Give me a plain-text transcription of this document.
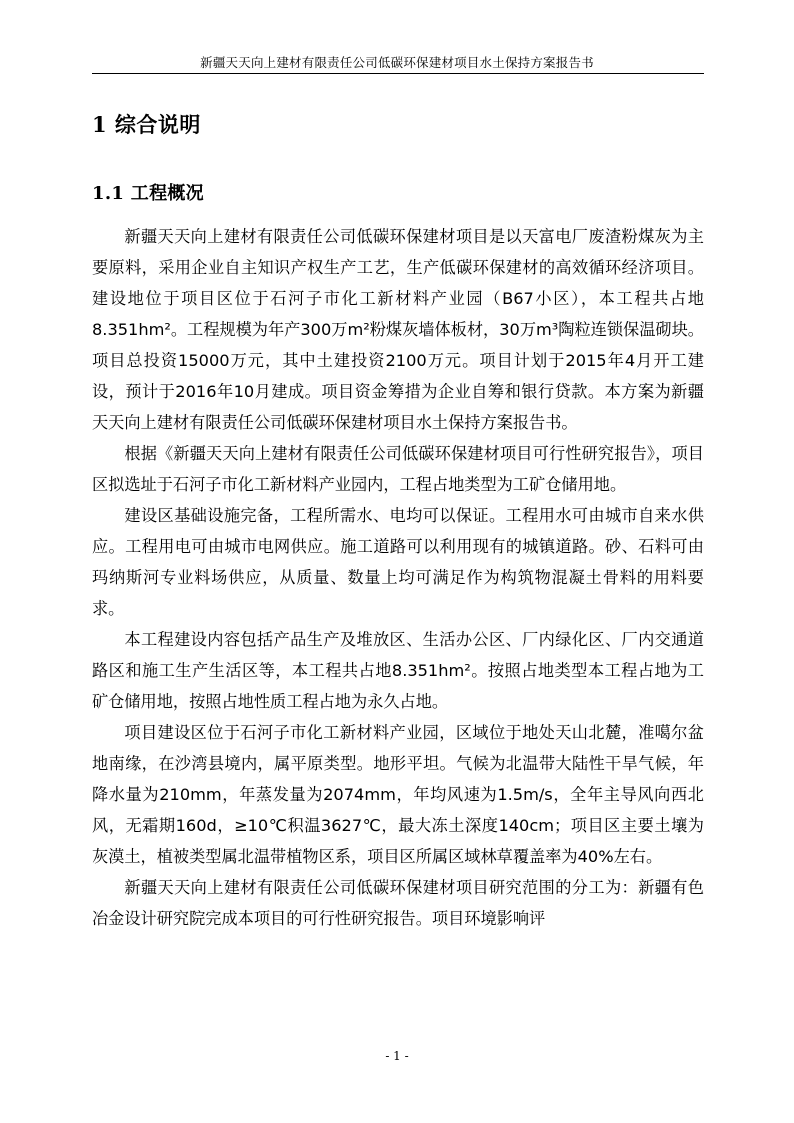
新疆天天向上建材有限责任公司低碳环保建材项目水土保持方案报告书
1 综合说明
1.1 工程概况

新疆天天向上建材有限责任公司低碳环保建材项目是以天富电厂废渣粉煤灰为主要原料，采用企业自主知识产权生产工艺，生产低碳环保建材的高效循环经济项目。建设地位于项目区位于石河子市化工新材料产业园（B67小区），本工程共占地8.351hm²。工程规模为年产300万m²粉煤灰墙体板材，30万m³陶粒连锁保温砌块。项目总投资15000万元，其中土建投资2100万元。项目计划于2015年4月开工建设，预计于2016年10月建成。项目资金筹措为企业自筹和银行贷款。本方案为新疆天天向上建材有限责任公司低碳环保建材项目水土保持方案报告书。

根据《新疆天天向上建材有限责任公司低碳环保建材项目可行性研究报告》，项目区拟选址于石河子市化工新材料产业园内，工程占地类型为工矿仓储用地。

建设区基础设施完备，工程所需水、电均可以保证。工程用水可由城市自来水供应。工程用电可由城市电网供应。施工道路可以利用现有的城镇道路。砂、石料可由玛纳斯河专业料场供应，从质量、数量上均可满足作为构筑物混凝土骨料的用料要求。

本工程建设内容包括产品生产及堆放区、生活办公区、厂内绿化区、厂内交通道路区和施工生产生活区等，本工程共占地8.351hm²。按照占地类型本工程占地为工矿仓储用地，按照占地性质工程占地为永久占地。

项目建设区位于石河子市化工新材料产业园，区域位于地处天山北麓，准噶尔盆地南缘，在沙湾县境内，属平原类型。地形平坦。气候为北温带大陆性干旱气候，年降水量为210mm，年蒸发量为2074mm，年均风速为1.5m/s，全年主导风向西北风，无霜期160d，≥10℃积温3627℃，最大冻土深度140cm；项目区主要土壤为灰漠土，植被类型属北温带植物区系，项目区所属区域林草覆盖率为40%左右。

新疆天天向上建材有限责任公司低碳环保建材项目研究范围的分工为：新疆有色冶金设计研究院完成本项目的可行性研究报告。项目环境影响评

- 1 -
